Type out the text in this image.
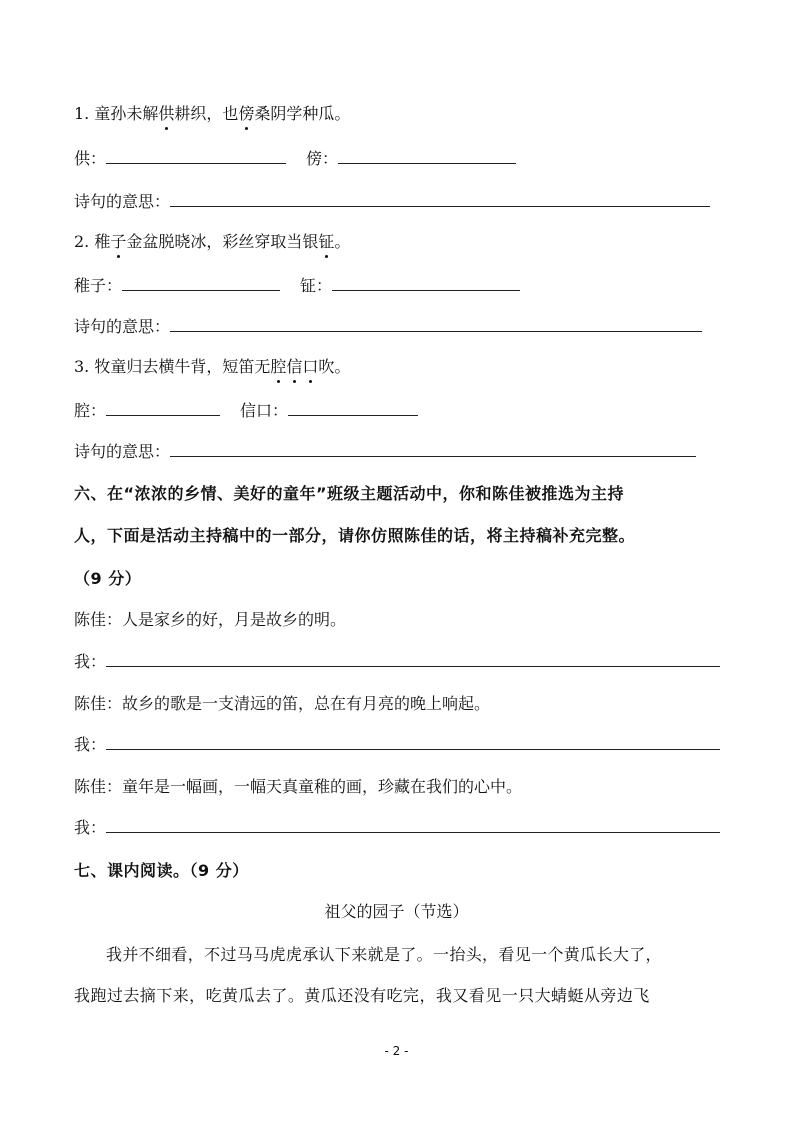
1. 童孙未解供耕织，也傍桑阴学种瓜。
供：	傍：
诗句的意思：
2. 稚子金盆脱晓冰，彩丝穿取当银钲。
稚子：	钲：
诗句的意思：
3. 牧童归去横牛背，短笛无腔信口吹。
腔：	信口：
诗句的意思：
六、在“浓浓的乡情、美好的童年”班级主题活动中，你和陈佳被推选为主持
人，下面是活动主持稿中的一部分，请你仿照陈佳的话，将主持稿补充完整。
（9 分）
陈佳：人是家乡的好，月是故乡的明。
我：
陈佳：故乡的歌是一支清远的笛，总在有月亮的晚上响起。
我：
陈佳：童年是一幅画，一幅天真童稚的画，珍藏在我们的心中。
我：
七、课内阅读。（9 分）
祖父的园子（节选）
我并不细看，不过马马虎虎承认下来就是了。一抬头，看见一个黄瓜长大了，
我跑过去摘下来，吃黄瓜去了。黄瓜还没有吃完，我又看见一只大蜻蜓从旁边飞
- 2 -
